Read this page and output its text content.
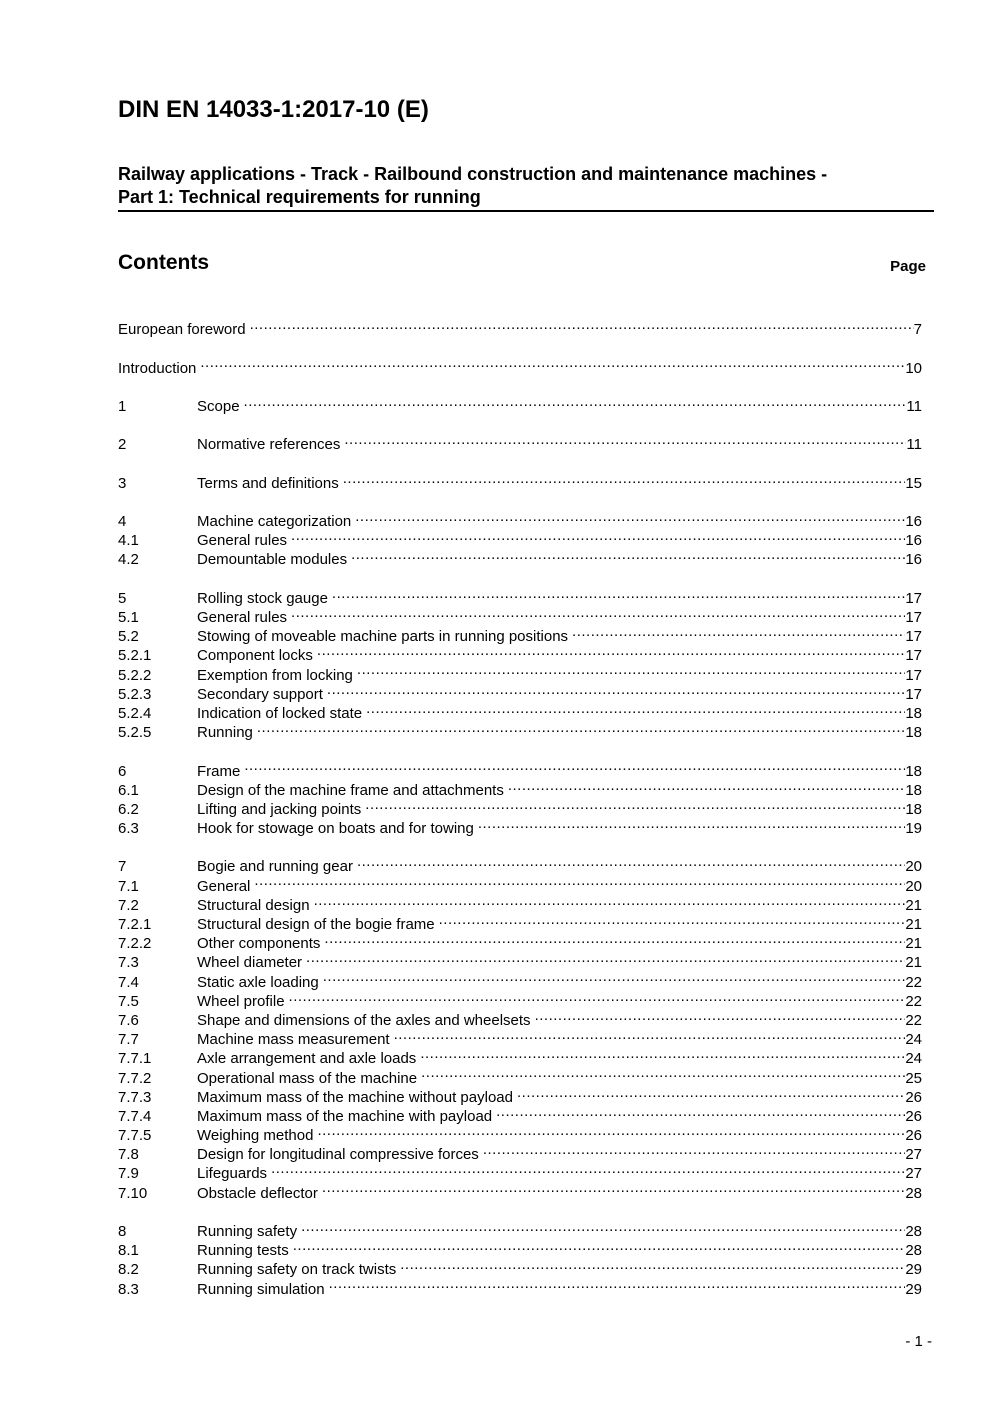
DIN EN 14033-1:2017-10 (E)
Railway applications - Track - Railbound construction and maintenance machines -
Part 1: Technical requirements for running
Contents	Page
European foreword .....	7
Introduction .....	10
1	Scope .....	11
2	Normative references .....	11
3	Terms and definitions .....	15
4	Machine categorization .....	16
4.1	General rules .....	16
4.2	Demountable modules .....	16
5	Rolling stock gauge .....	17
5.1	General rules .....	17
5.2	Stowing of moveable machine parts in running positions .....	17
5.2.1	Component locks .....	17
5.2.2	Exemption from locking .....	17
5.2.3	Secondary support .....	17
5.2.4	Indication of locked state .....	18
5.2.5	Running .....	18
6	Frame .....	18
6.1	Design of the machine frame and attachments .....	18
6.2	Lifting and jacking points .....	18
6.3	Hook for stowage on boats and for towing .....	19
7	Bogie and running gear .....	20
7.1	General .....	20
7.2	Structural design .....	21
7.2.1	Structural design of the bogie frame .....	21
7.2.2	Other components .....	21
7.3	Wheel diameter .....	21
7.4	Static axle loading .....	22
7.5	Wheel profile .....	22
7.6	Shape and dimensions of the axles and wheelsets .....	22
7.7	Machine mass measurement .....	24
7.7.1	Axle arrangement and axle loads .....	24
7.7.2	Operational mass of the machine .....	25
7.7.3	Maximum mass of the machine without payload .....	26
7.7.4	Maximum mass of the machine with payload .....	26
7.7.5	Weighing method .....	26
7.8	Design for longitudinal compressive forces .....	27
7.9	Lifeguards .....	27
7.10	Obstacle deflector .....	28
8	Running safety .....	28
8.1	Running tests .....	28
8.2	Running safety on track twists .....	29
8.3	Running simulation .....	29
- 1 -
